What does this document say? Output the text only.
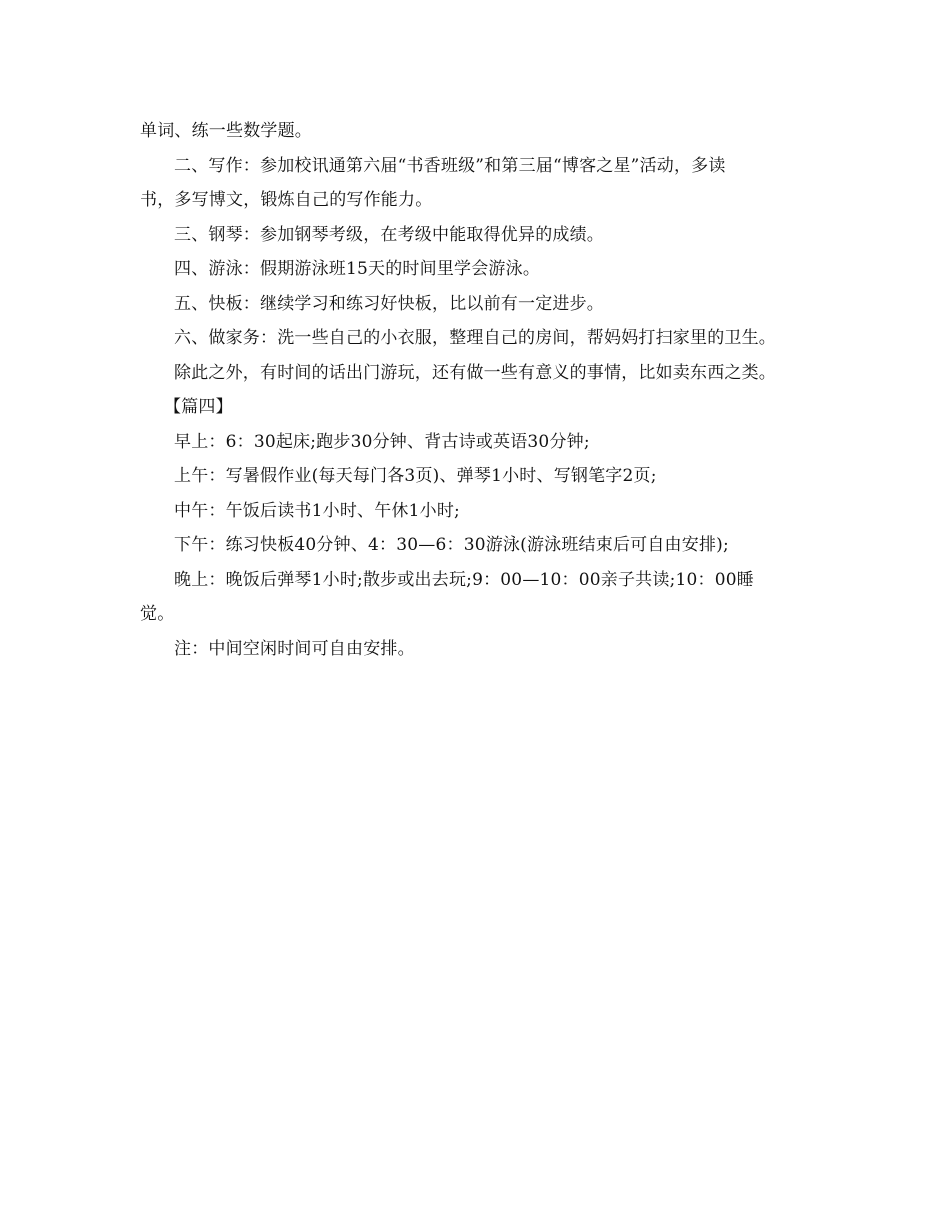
单词、练一些数学题。

二、写作：参加校讯通第六届“书香班级”和第三届“博客之星”活动，多读

书，多写博文，锻炼自己的写作能力。

三、钢琴：参加钢琴考级，在考级中能取得优异的成绩。

四、游泳：假期游泳班15天的时间里学会游泳。

五、快板：继续学习和练习好快板，比以前有一定进步。

六、做家务：洗一些自己的小衣服，整理自己的房间，帮妈妈打扫家里的卫生。

除此之外，有时间的话出门游玩，还有做一些有意义的事情，比如卖东西之类。

【篇四】

早上：6：30起床;跑步30分钟、背古诗或英语30分钟;

上午：写暑假作业(每天每门各3页)、弹琴1小时、写钢笔字2页;

中午：午饭后读书1小时、午休1小时;

下午：练习快板40分钟、4：30—6：30游泳(游泳班结束后可自由安排);

晚上：晚饭后弹琴1小时;散步或出去玩;9：00—10：00亲子共读;10：00睡

觉。

注：中间空闲时间可自由安排。
